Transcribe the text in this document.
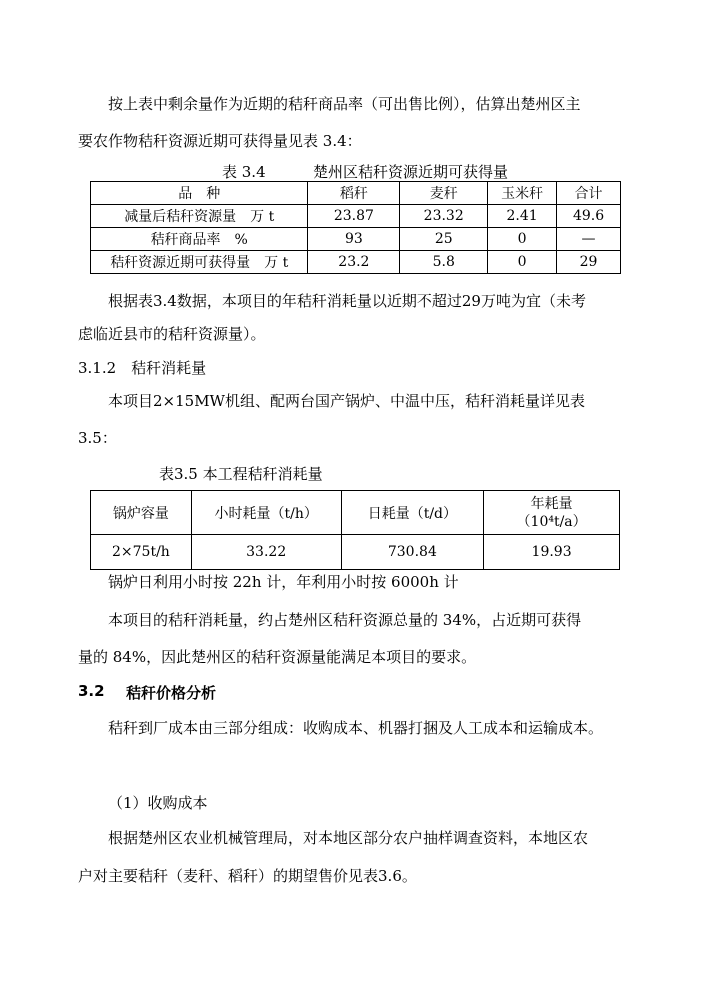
按上表中剩余量作为近期的秸秆商品率（可出售比例），估算出楚州区主
要农作物秸秆资源近期可获得量见表 3.4：
表 3.4	楚州区秸秆资源近期可获得量
品　种	稻秆	麦秆	玉米秆	合计
减量后秸秆资源量　万 t	23.87	23.32	2.41	49.6
秸秆商品率　%	93	25	0	—
秸秆资源近期可获得量　万 t	23.2	5.8	0	29
根据表3.4数据，本项目的年秸秆消耗量以近期不超过29万吨为宜（未考
虑临近县市的秸秆资源量）。
3.1.2　秸秆消耗量
本项目2×15MW机组、配两台国产锅炉、中温中压，秸秆消耗量详见表
3.5：
表3.5 本工程秸秆消耗量
锅炉容量	小时耗量（t/h）	日耗量（t/d）	年耗量
（10⁴t/a）

2×75t/h	33.22	730.84	19.93
锅炉日利用小时按 22h 计，年利用小时按 6000h 计
本项目的秸秆消耗量，约占楚州区秸秆资源总量的 34%，占近期可获得
量的 84%，因此楚州区的秸秆资源量能满足本项目的要求。
3.2 秸秆价格分析
秸秆到厂成本由三部分组成：收购成本、机器打捆及人工成本和运输成本。
（1）收购成本
根据楚州区农业机械管理局，对本地区部分农户抽样调查资料，本地区农
户对主要秸秆（麦秆、稻秆）的期望售价见表3.6。
